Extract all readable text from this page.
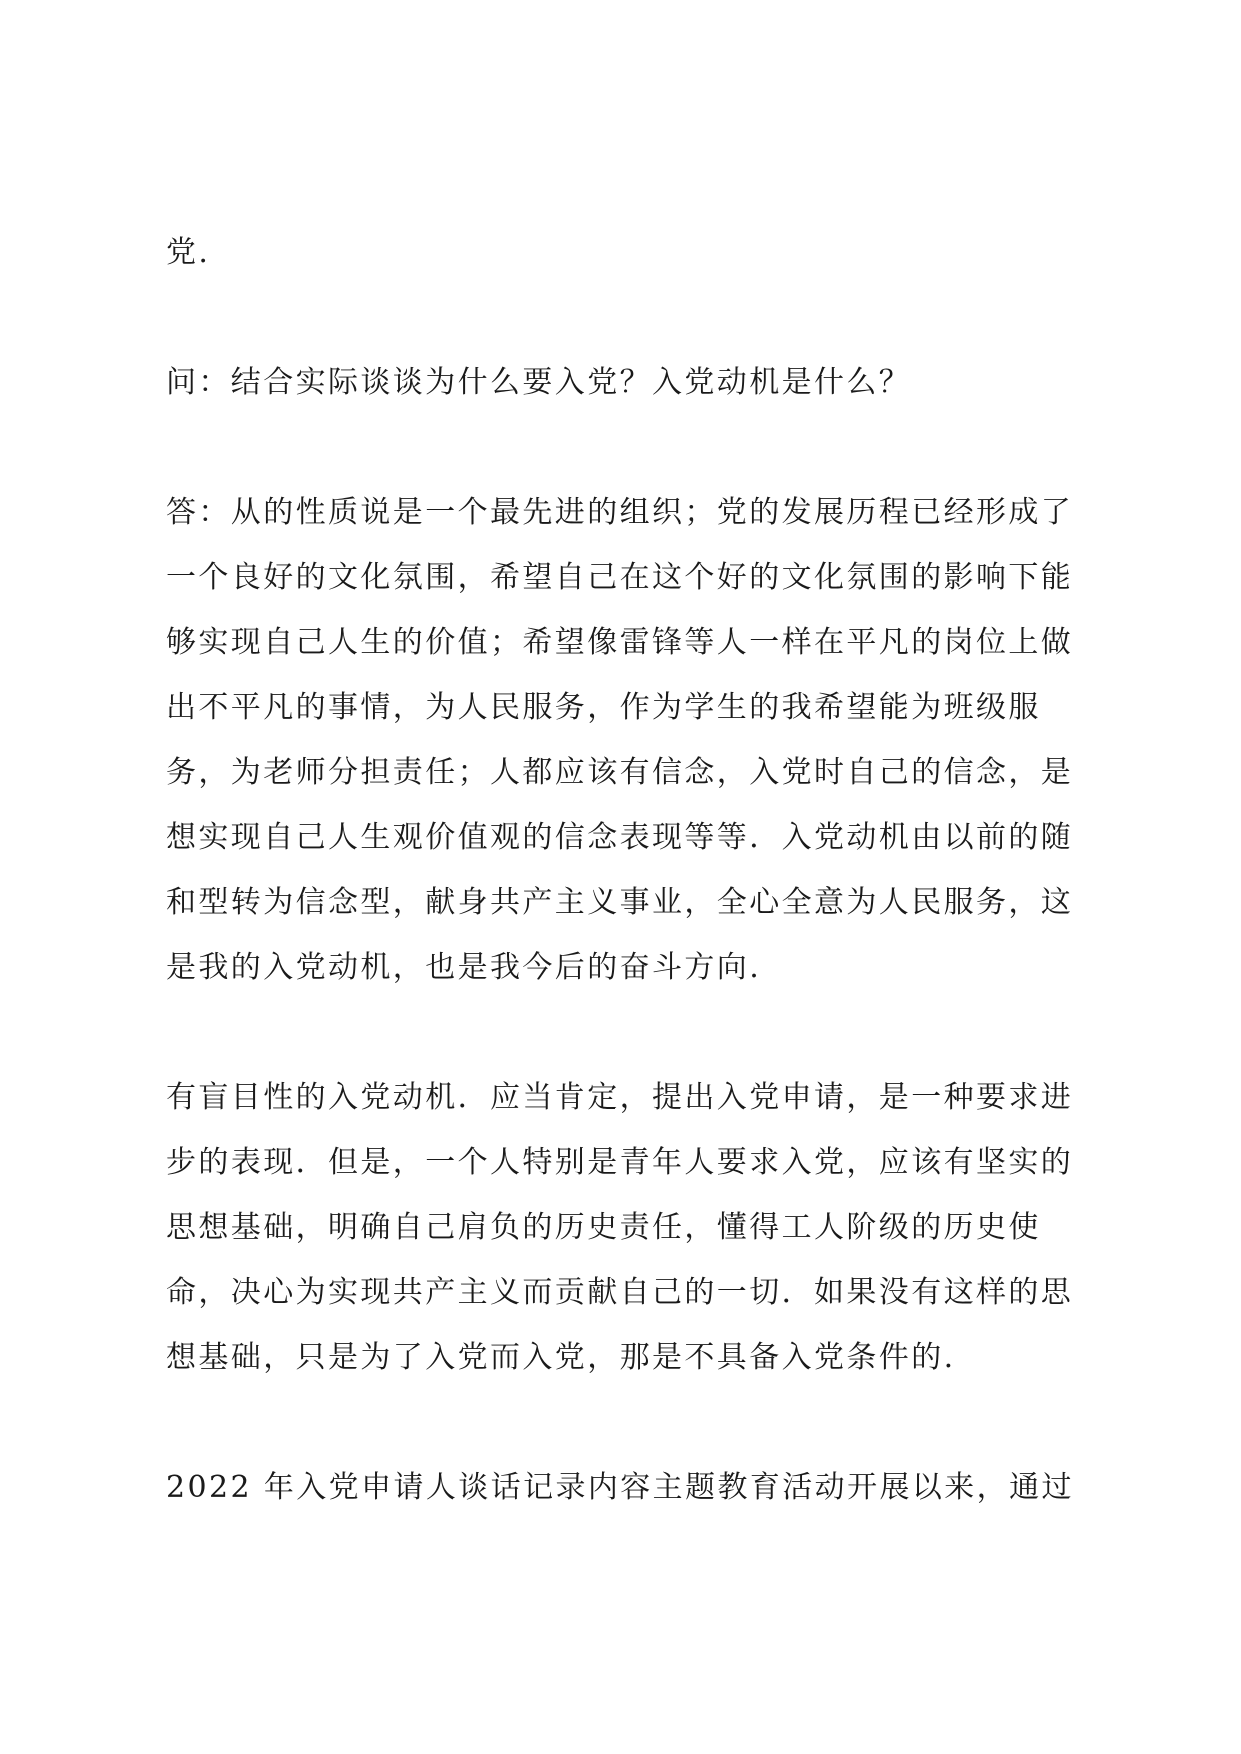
党.

问：结合实际谈谈为什么要入党？入党动机是什么？

答：从的性质说是一个最先进的组织；党的发展历程已经形成了

一个良好的文化氛围，希望自己在这个好的文化氛围的影响下能

够实现自己人生的价值；希望像雷锋等人一样在平凡的岗位上做

出不平凡的事情，为人民服务，作为学生的我希望能为班级服

务，为老师分担责任；人都应该有信念，入党时自己的信念，是

想实现自己人生观价值观的信念表现等等．入党动机由以前的随

和型转为信念型，献身共产主义事业，全心全意为人民服务，这

是我的入党动机，也是我今后的奋斗方向.

有盲目性的入党动机．应当肯定，提出入党申请，是一种要求进

步的表现．但是，一个人特别是青年人要求入党，应该有坚实的

思想基础，明确自己肩负的历史责任，懂得工人阶级的历史使

命，决心为实现共产主义而贡献自己的一切．如果没有这样的思

想基础，只是为了入党而入党，那是不具备入党条件的.

2022 年入党申请人谈话记录内容主题教育活动开展以来，通过
